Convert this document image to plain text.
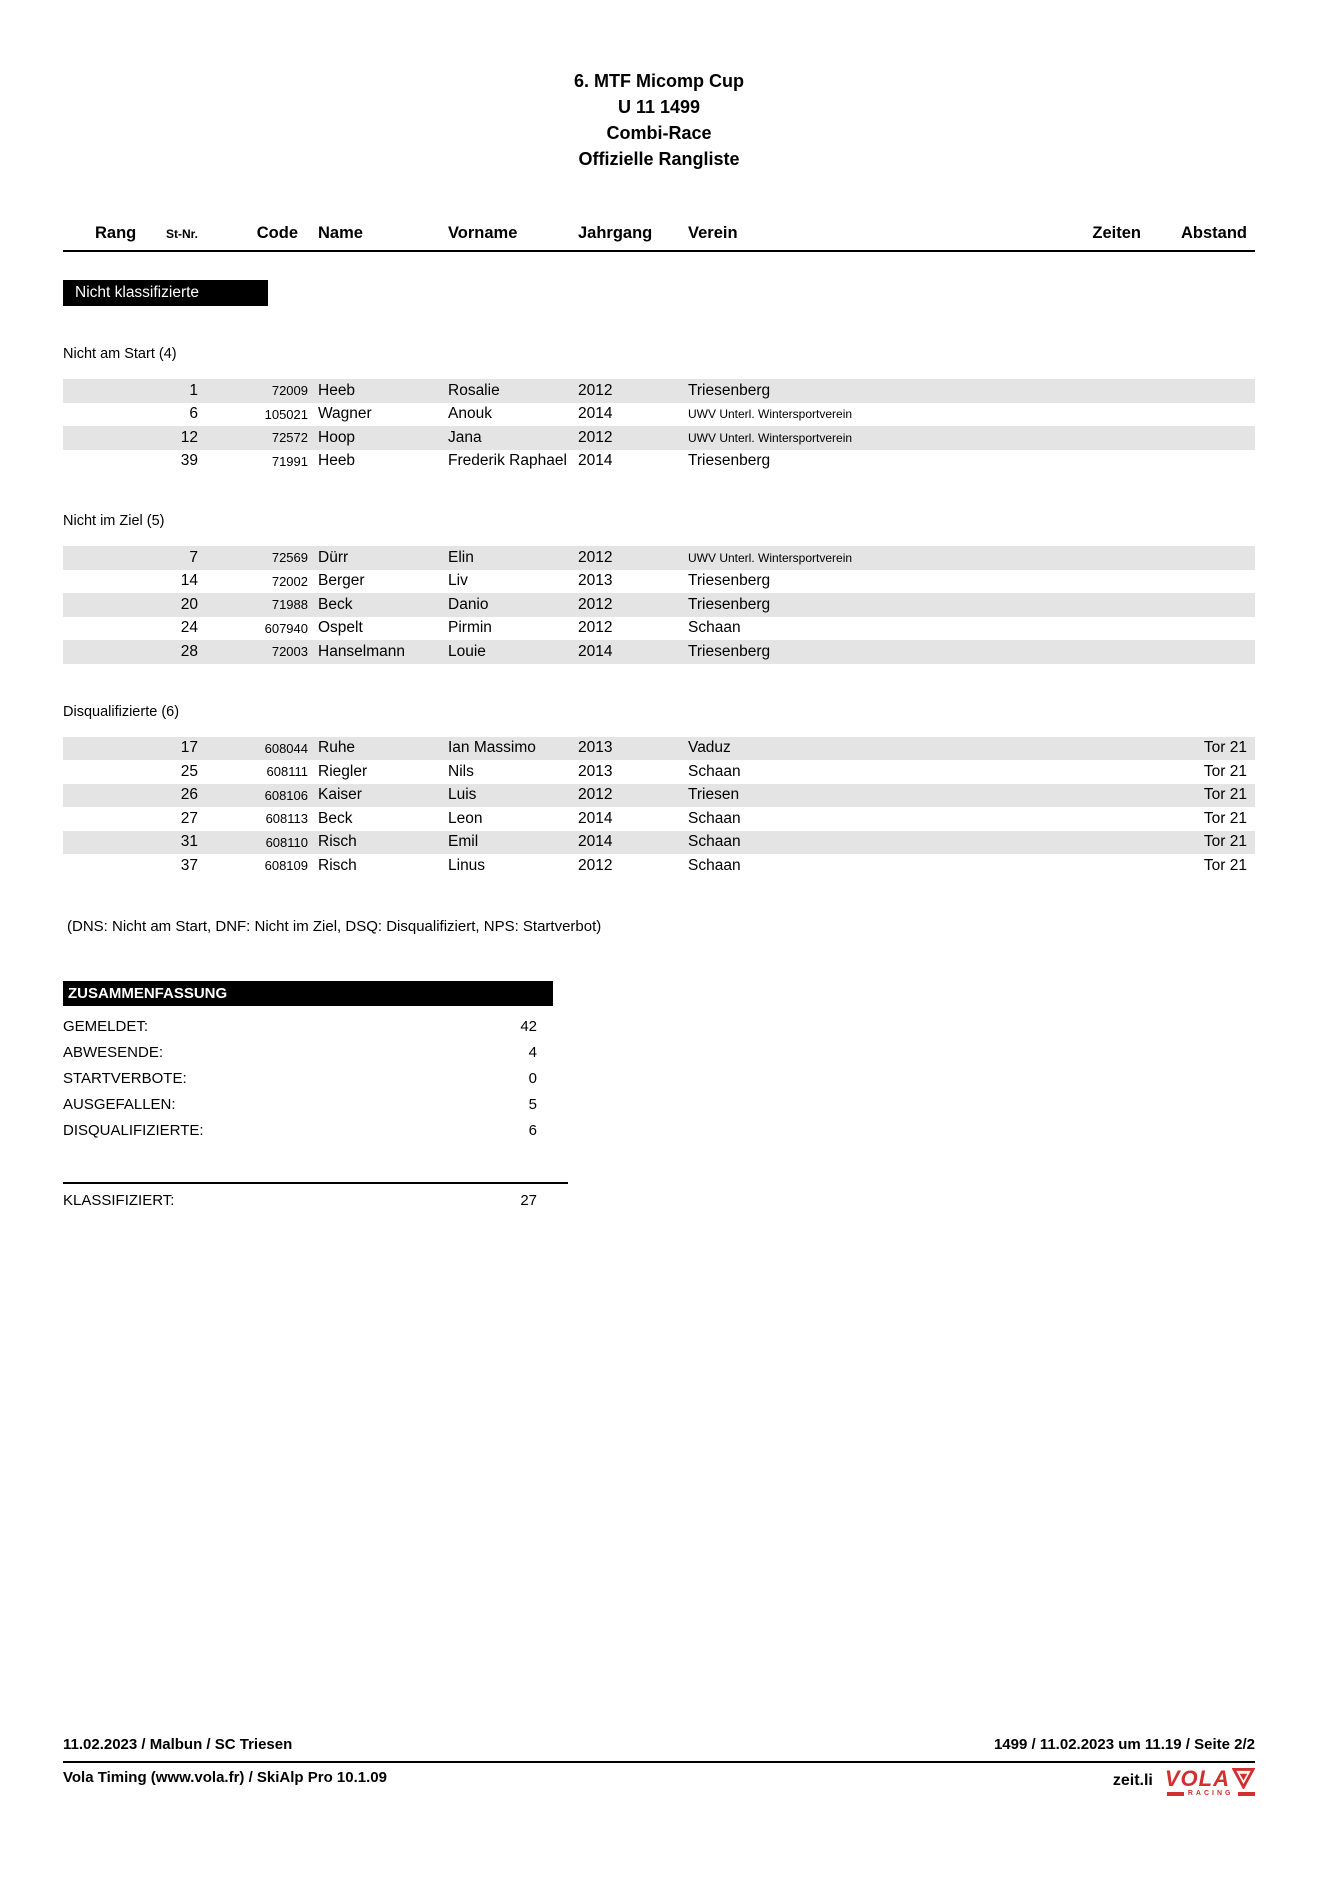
6. MTF Micomp Cup
U 11 1499
Combi-Race
Offizielle Rangliste
Rang St-Nr.	Code	Name	Vorname	Jahrgang	Verein	Zeiten	Abstand
Nicht klassifizierte
Nicht am Start (4)
1	72009 Heeb	Rosalie	2012	Triesenberg
6	105021 Wagner	Anouk	2014	UWV Unterl. Wintersportverein
12	72572 Hoop	Jana	2012	UWV Unterl. Wintersportverein
39	71991 Heeb	Frederik Raphael 2014	Triesenberg
Nicht im Ziel (5)
7	72569 Dürr	Elin	2012	UWV Unterl. Wintersportverein
14	72002 Berger	Liv	2013	Triesenberg
20	71988 Beck	Danio	2012	Triesenberg
24	607940 Ospelt	Pirmin	2012	Schaan
28	72003 Hanselmann	Louie	2014	Triesenberg
Disqualifizierte (6)
17	608044 Ruhe	Ian Massimo	2013	Vaduz	Tor 21
25	608111 Riegler	Nils	2013	Schaan	Tor 21
26	608106 Kaiser	Luis	2012	Triesen	Tor 21
27	608113 Beck	Leon	2014	Schaan	Tor 21
31	608110 Risch	Emil	2014	Schaan	Tor 21
37	608109 Risch	Linus	2012	Schaan	Tor 21
(DNS: Nicht am Start, DNF: Nicht im Ziel, DSQ: Disqualifiziert, NPS: Startverbot)
ZUSAMMENFASSUNG
GEMELDET:	42
ABWESENDE:	4
STARTVERBOTE:	0
AUSGEFALLEN:	5
DISQUALIFIZIERTE:	6
KLASSIFIZIERT:	27
11.02.2023 / Malbun / SC Triesen	1499 / 11.02.2023 um 11.19 / Seite 2/2
Vola Timing (www.vola.fr) / SkiAlp Pro 10.1.09	zeit.li VOLA
RACING
